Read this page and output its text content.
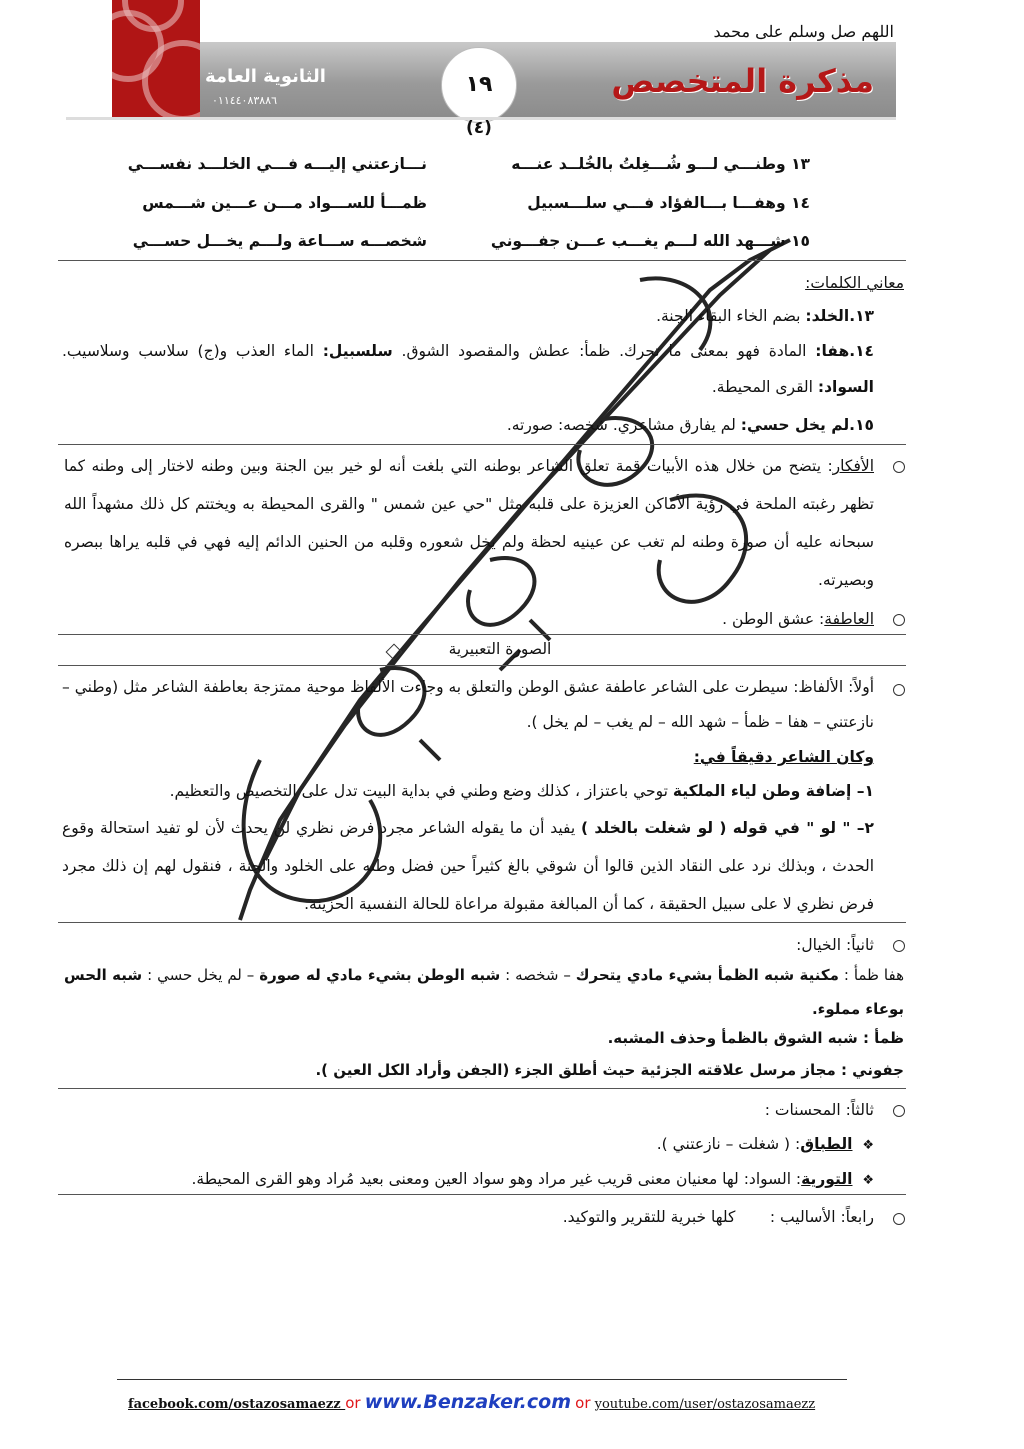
اللهم صل وسلم على محمد
الثانوية العامة
٠١١٤٤٠٨٣٨٨٦
مذكرة المتخصص
١٩
(٤)
١٣ وطنـــي لـــو شُـــغِلتُ بالخُلــد عنـــه
نـــازعتني إليـــه فـــي الخلـــد نفســـي
١٤ وهفـــا بـــالفؤاد فـــي سلـــسبيل
ظمـــأ للســـواد مـــن عـــين شـــمس
١٥ شـــهد الله لـــم يغـــب عـــن جفـــوني
شخصـــه ســـاعة ولـــم يخـــل حســـي
معاني الكلمات:
١٣.الخلد: بضم الخاء البقاء الجنة.
١٤.هفا: المادة فهو بمعنى ما تحرك. ظمأ: عطش والمقصود الشوق. سلسبيل: الماء العذب و(ج) سلاسب وسلاسيب. السواد: القرى المحيطة.
١٥.لم يخل حسي: لم يفارق مشاعري. شخصه: صورته.
الأفكار: يتضح من خلال هذه الأبيات قمة تعلق الشاعر بوطنه التي بلغت أنه لو خير بين الجنة وبين وطنه لاختار إلى وطنه كما تظهر رغبته الملحة في رؤية الأماكن العزيزة على قلبه مثل "حي عين شمس " والقرى المحيطة به ويختتم كل ذلك مشهداً الله سبحانه عليه أن صورة وطنه لم تغب عن عينيه لحظة ولم يخل شعوره وقلبه من الحنين الدائم إليه فهي في قلبه يراها ببصره وبصيرته.
العاطفة: عشق الوطن .
الصورة التعبيرية
أولاً: الألفاظ: سيطرت على الشاعر عاطفة عشق الوطن والتعلق به وجاءت الألفاظ موحية ممتزجة بعاطفة الشاعر مثل (وطني – نازعتني – هفا – ظمأ – شهد الله – لم يغب – لم يخل ).
وكان الشاعر دقيقاً في:
١– إضافة وطن لياء الملكية توحي باعتزاز ، كذلك وضع وطني في بداية البيت تدل على التخصيص والتعظيم.
٢– " لو " في قوله ( لو شغلت بالخلد ) يفيد أن ما يقوله الشاعر مجرد فرض نظري لن يحدث لأن لو تفيد استحالة وقوع الحدث ، وبذلك نرد على النقاد الذين قالوا أن شوقي بالغ كثيراً حين فضل وطنه على الخلود والجنة ، فنقول لهم إن ذلك مجرد فرض نظري لا على سبيل الحقيقة ، كما أن المبالغة مقبولة مراعاة للحالة النفسية الحزينة.
ثانياً: الخيال:
هفا ظمأ : مكنية شبه الظمأ بشيء مادي يتحرك – شخصه : شبه الوطن بشيء مادي له صورة – لم يخل حسي : شبه الحس بوعاء مملوء.
ظمأ : شبه الشوق بالظمأ وحذف المشبه.
جفوني : مجاز مرسل علاقته الجزئية حيث أطلق الجزء (الجفن وأراد الكل العين ).
ثالثاً: المحسنات :
❖  الطباق: ( شغلت – نازعتني ).
❖  التورية: السواد: لها معنيان معنى قريب غير مراد وهو سواد العين ومعنى بعيد مُراد وهو القرى المحيطة.
رابعاً: الأساليب :       كلها خبرية للتقرير والتوكيد.
facebook.com/ostazosamaezz or www.Benzaker.com or youtube.com/user/ostazosamaezz
